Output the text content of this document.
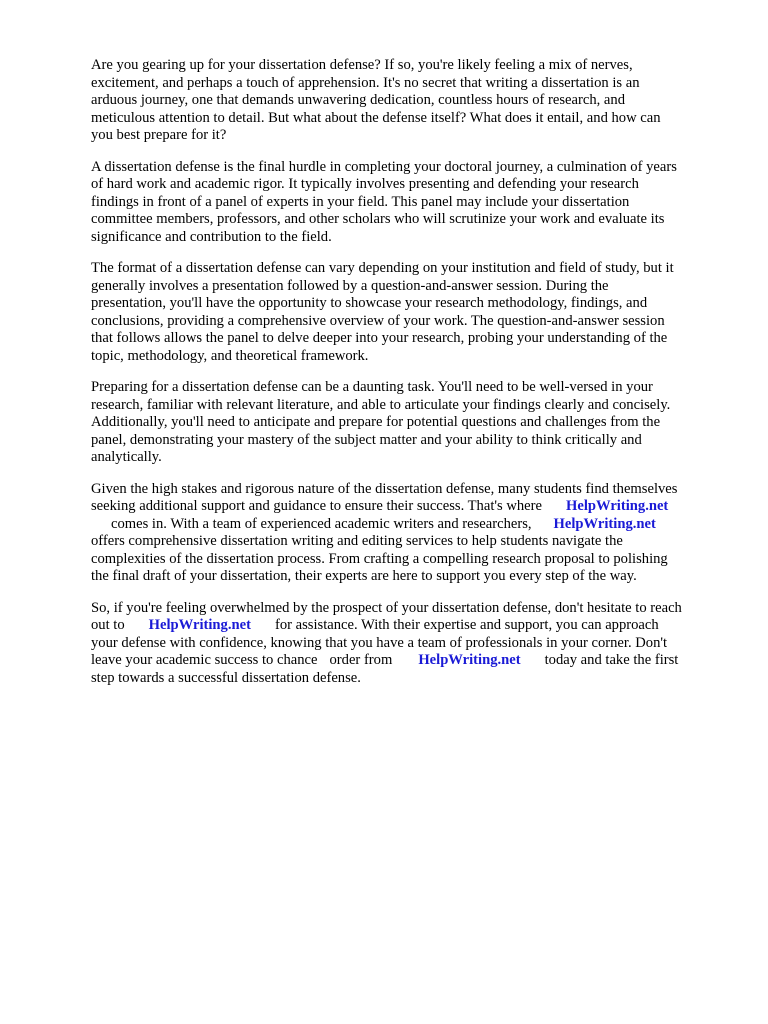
Are you gearing up for your dissertation defense? If so, you're likely feeling a mix of nerves,
excitement, and perhaps a touch of apprehension. It's no secret that writing a dissertation is an
arduous journey, one that demands unwavering dedication, countless hours of research, and
meticulous attention to detail. But what about the defense itself? What does it entail, and how can
you best prepare for it?
A dissertation defense is the final hurdle in completing your doctoral journey, a culmination of years
of hard work and academic rigor. It typically involves presenting and defending your research
findings in front of a panel of experts in your field. This panel may include your dissertation
committee members, professors, and other scholars who will scrutinize your work and evaluate its
significance and contribution to the field.
The format of a dissertation defense can vary depending on your institution and field of study, but it
generally involves a presentation followed by a question-and-answer session. During the
presentation, you'll have the opportunity to showcase your research methodology, findings, and
conclusions, providing a comprehensive overview of your work. The question-and-answer session
that follows allows the panel to delve deeper into your research, probing your understanding of the
topic, methodology, and theoretical framework.
Preparing for a dissertation defense can be a daunting task. You'll need to be well-versed in your
research, familiar with relevant literature, and able to articulate your findings clearly and concisely.
Additionally, you'll need to anticipate and prepare for potential questions and challenges from the
panel, demonstrating your mastery of the subject matter and your ability to think critically and
analytically.
Given the high stakes and rigorous nature of the dissertation defense, many students find themselves
seeking additional support and guidance to ensure their success. That's where HelpWriting.net
comes in. With a team of experienced academic writers and researchers, HelpWriting.net
offers comprehensive dissertation writing and editing services to help students navigate the
complexities of the dissertation process. From crafting a compelling research proposal to polishing
the final draft of your dissertation, their experts are here to support you every step of the way.
So, if you're feeling overwhelmed by the prospect of your dissertation defense, don't hesitate to reach
out to HelpWriting.net for assistance. With their expertise and support, you can approach
your defense with confidence, knowing that you have a team of professionals in your corner. Don't
leave your academic success to chance order from HelpWriting.net today and take the first
step towards a successful dissertation defense.
